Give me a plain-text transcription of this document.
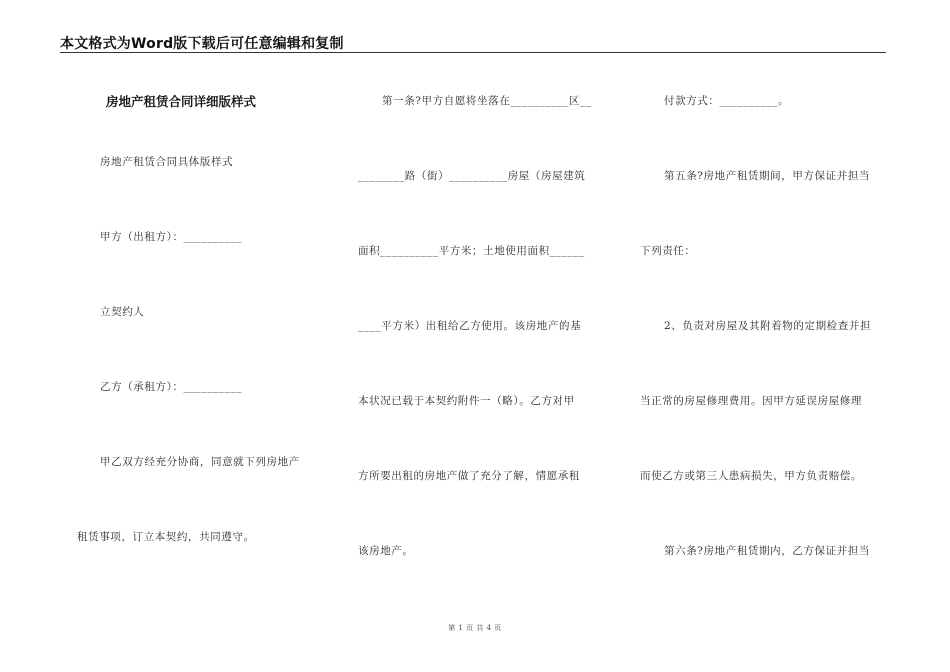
本文格式为Word版下载后可任意编辑和复制
房地产租赁合同详细版样式
房地产租赁合同具体版样式
甲方（出租方）：__________
立契约人
乙方（承租方）：__________
甲乙双方经充分协商，同意就下列房地产
租赁事项，订立本契约，共同遵守。
第一条?甲方自愿将坐落在__________区__
________路（街）__________房屋（房屋建筑
面积__________平方米；土地使用面积______
____平方米）出租给乙方使用。该房地产的基
本状况已载于本契约附件一（略）。乙方对甲
方所要出租的房地产做了充分了解，情愿承租
该房地产。
付款方式：__________。
第五条?房地产租赁期间，甲方保证并担当
下列责任：
2、负责对房屋及其附着物的定期检查并担
当正常的房屋修理费用。因甲方延误房屋修理
而使乙方或第三人患病损失，甲方负责赔偿。
第六条?房地产租赁期内，乙方保证并担当
第 1 页 共 4 页
